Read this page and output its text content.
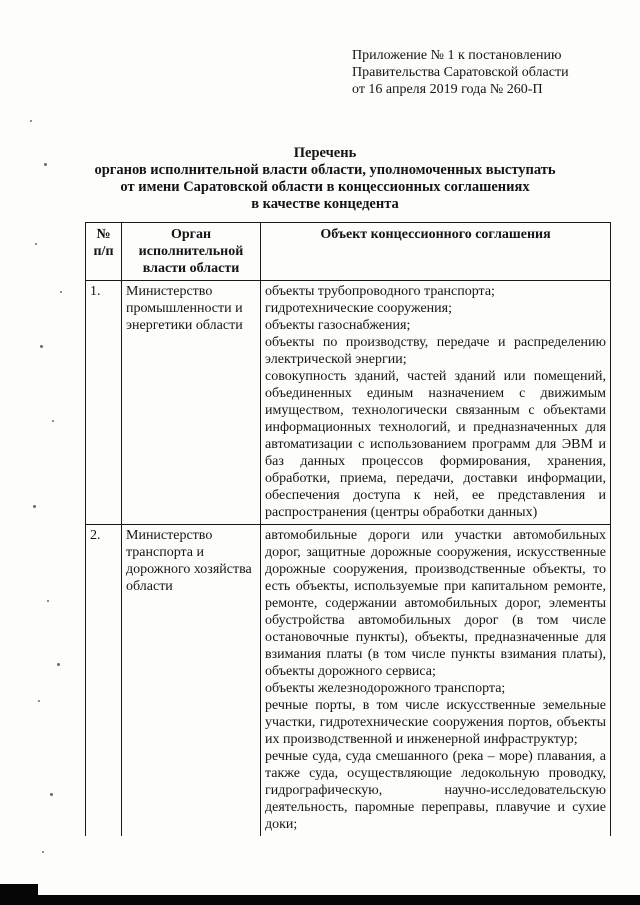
Приложение № 1 к постановлению
Правительства Саратовской области
от 16 апреля 2019 года № 260-П
Перечень
органов исполнительной власти области, уполномоченных выступать
от имени Саратовской области в концессионных соглашениях
в качестве концедента
№ п/п	Орган исполнительной власти области	Объект концессионного соглашения
1.	Министерство промышленности и энергетики области	объекты трубопроводного транспорта;
гидротехнические сооружения;
объекты газоснабжения;
объекты по производству, передаче и распределению электрической энергии;
совокупность зданий, частей зданий или помещений, объединенных единым назначением с движимым имуществом, технологически связанным с объектами информационных технологий, и предназначенных для автоматизации с использованием программ для ЭВМ и баз данных процессов формирования, хранения, обработки, приема, передачи, доставки информации, обеспечения доступа к ней, ее представления и распространения (центры обработки данных)

2.	Министерство транспорта и дорожного хозяйства области	автомобильные дороги или участки автомобильных дорог, защитные дорожные сооружения, искусственные дорожные сооружения, производственные объекты, то есть объекты, используемые при капитальном ремонте, ремонте, содержании автомобильных дорог, элементы обустройства автомобильных дорог (в том числе остановочные пункты), объекты, предназначенные для взимания платы (в том числе пункты взимания платы), объекты дорожного сервиса;
объекты железнодорожного транспорта;
речные порты, в том числе искусственные земельные участки, гидротехнические сооружения портов, объекты их производственной и инженерной инфраструктур;
речные суда, суда смешанного (река – море) плавания, а также суда, осуществляющие ледокольную проводку, гидрографическую, научно-исследовательскую деятельность, паромные переправы, плавучие и сухие доки;
